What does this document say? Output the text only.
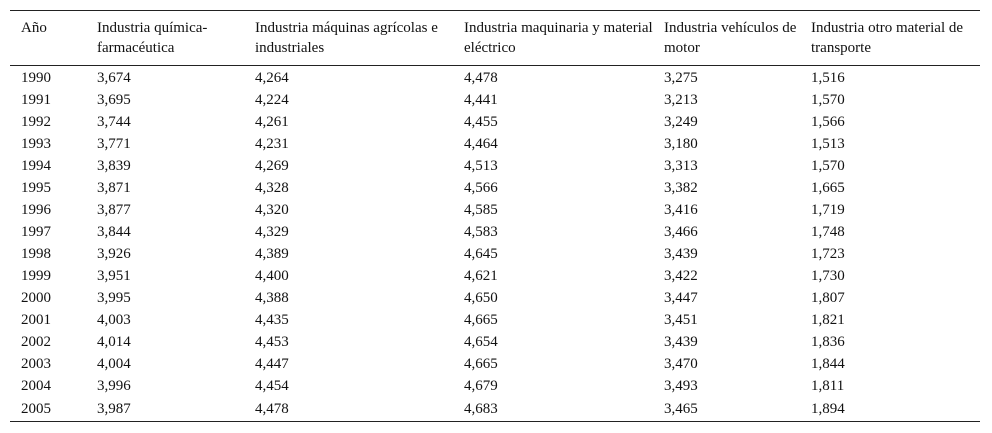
Año	Industria química-farmacéutica	Industria máquinas agrícolas e industriales	Industria maquinaria y material eléctrico	Industria vehículos de motor	Industria otro material de transporte
1990	3,674	4,264	4,478	3,275	1,516
1991	3,695	4,224	4,441	3,213	1,570
1992	3,744	4,261	4,455	3,249	1,566
1993	3,771	4,231	4,464	3,180	1,513
1994	3,839	4,269	4,513	3,313	1,570
1995	3,871	4,328	4,566	3,382	1,665
1996	3,877	4,320	4,585	3,416	1,719
1997	3,844	4,329	4,583	3,466	1,748
1998	3,926	4,389	4,645	3,439	1,723
1999	3,951	4,400	4,621	3,422	1,730
2000	3,995	4,388	4,650	3,447	1,807
2001	4,003	4,435	4,665	3,451	1,821
2002	4,014	4,453	4,654	3,439	1,836
2003	4,004	4,447	4,665	3,470	1,844
2004	3,996	4,454	4,679	3,493	1,811
2005	3,987	4,478	4,683	3,465	1,894
